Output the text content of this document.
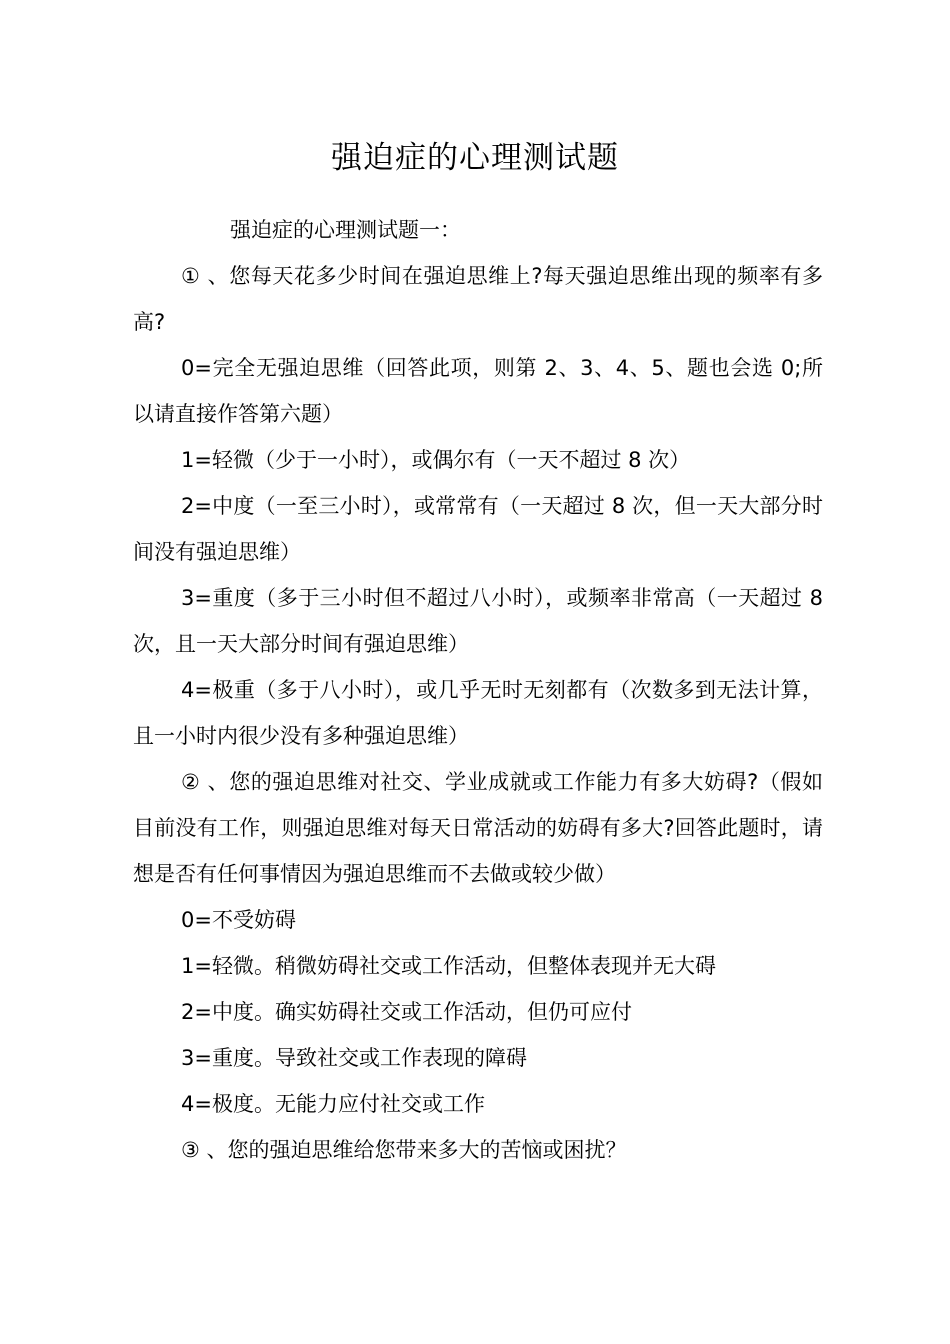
强迫症的心理测试题

强迫症的心理测试题一：

① 、您每天花多少时间在强迫思维上?每天强迫思维出现的频率有多高?

0=完全无强迫思维（回答此项，则第 2、3、4、5、题也会选 0;所以请直接作答第六题）

1=轻微（少于一小时），或偶尔有（一天不超过 8 次）

2=中度（一至三小时），或常常有（一天超过 8 次，但一天大部分时间没有强迫思维）

3=重度（多于三小时但不超过八小时），或频率非常高（一天超过 8 次，且一天大部分时间有强迫思维）

4=极重（多于八小时），或几乎无时无刻都有（次数多到无法计算，且一小时内很少没有多种强迫思维）

② 、您的强迫思维对社交、学业成就或工作能力有多大妨碍?（假如目前没有工作，则强迫思维对每天日常活动的妨碍有多大?回答此题时，请想是否有任何事情因为强迫思维而不去做或较少做）

0=不受妨碍

1=轻微。稍微妨碍社交或工作活动，但整体表现并无大碍

2=中度。确实妨碍社交或工作活动，但仍可应付

3=重度。导致社交或工作表现的障碍

4=极度。无能力应付社交或工作

③ 、您的强迫思维给您带来多大的苦恼或困扰？
